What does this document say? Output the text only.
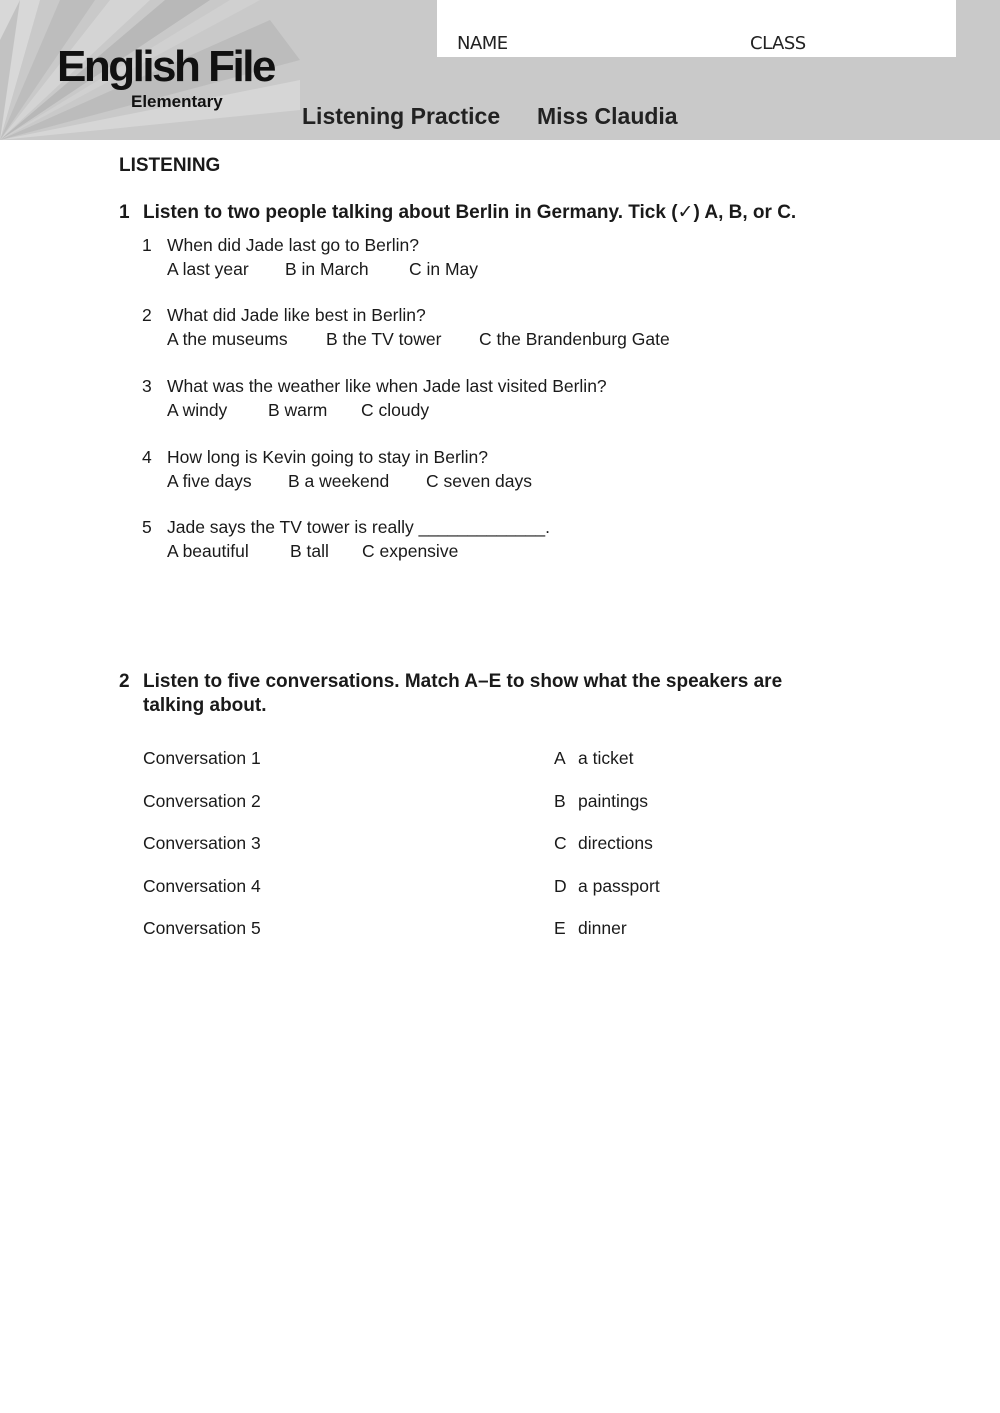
English File
Elementary
NAME	CLASS
Listening Practice Miss Claudia
LISTENING
1 Listen to two people talking about Berlin in Germany. Tick (✓) A, B, or C.
1 When did Jade last go to Berlin?
A last year B in March C in May
2 What did Jade like best in Berlin?
A the museums B the TV tower C the Brandenburg Gate
3 What was the weather like when Jade last visited Berlin?
A windy B warm C cloudy
4 How long is Kevin going to stay in Berlin?
A five days B a weekend C seven days
5 Jade says the TV tower is really _____________.
A beautiful B tall C expensive
2 Listen to five conversations. Match A–E to show what the speakers are talking about.
Conversation 1
Conversation 2
Conversation 3
Conversation 4
Conversation 5
A a ticket
B paintings
C directions
D a passport
E dinner
